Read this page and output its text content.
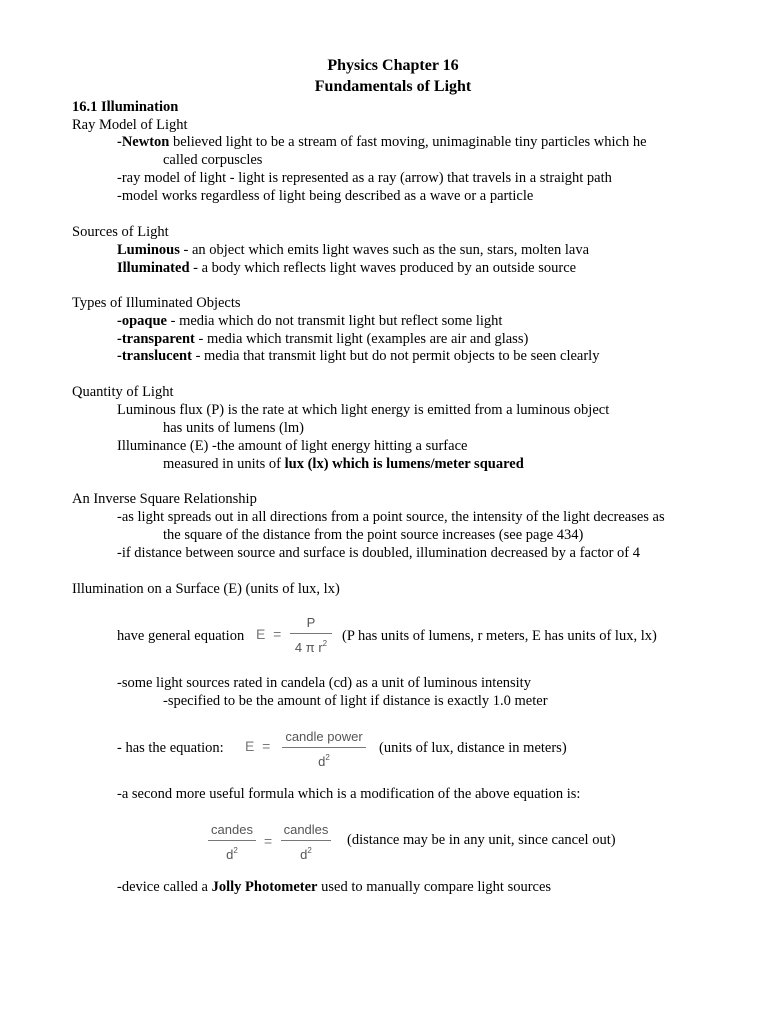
Physics Chapter 16
Fundamentals of Light
16.1 Illumination
Ray Model of Light
-Newton believed light to be a stream of fast moving, unimaginable tiny particles which he
called corpuscles
-ray model of light - light is represented as a ray (arrow) that travels in a straight path
-model works regardless of light being described as a wave or a particle
Sources of Light
Luminous - an object which emits light waves such as the sun, stars, molten lava
Illuminated - a body which reflects light waves produced by an outside source
Types of Illuminated Objects
-opaque - media which do not transmit light but reflect some light
-transparent - media which transmit light (examples are air and glass)
-translucent - media that transmit light but do not permit objects to be seen clearly
Quantity of Light
Luminous flux (P) is the rate at which light energy is emitted from a luminous object
has units of lumens (lm)
Illuminance (E) -the amount of light energy hitting a surface
measured in units of lux (lx) which is lumens/meter squared
An Inverse Square Relationship
-as light spreads out in all directions from a point source, the intensity of the light decreases as
the square of the distance from the point source increases (see page 434)
-if distance between source and surface is doubled, illumination decreased by a factor of 4
Illumination on a Surface (E) (units of lux, lx)
have general equation E =
P
4 π $r^2$	(P has units of lumens, r meters, E has units of lux, lx)
-some light sources rated in candela (cd) as a unit of luminous intensity
-specified to be the amount of light if distance is exactly 1.0 meter
- has the equation: E =
candle power
$d^2$
(units of lux, distance in meters)
-a second more useful formula which is a modification of the above equation is:
candes
$d^2$
=
candles
$d^2$
(distance may be in any unit, since cancel out)
-device called a Jolly Photometer used to manually compare light sources
